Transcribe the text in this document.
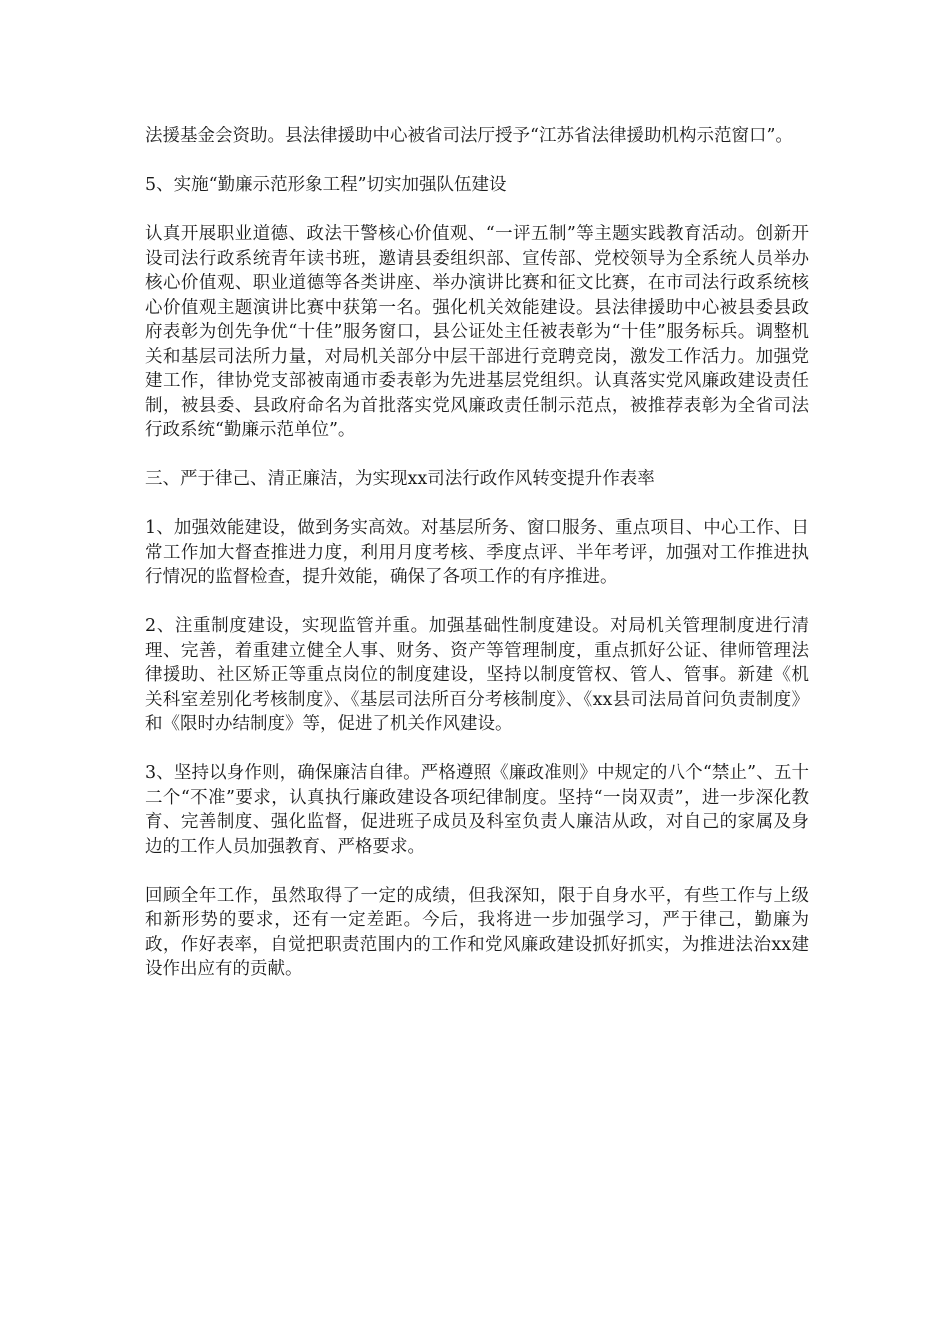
法援基金会资助。县法律援助中心被省司法厅授予“江苏省法律援助机构示范窗口”。

5、实施“勤廉示范形象工程”切实加强队伍建设

认真开展职业道德、政法干警核心价值观、“一评五制”等主题实践教育活动。创新开设司法行政系统青年读书班，邀请县委组织部、宣传部、党校领导为全系统人员举办核心价值观、职业道德等各类讲座、举办演讲比赛和征文比赛，在市司法行政系统核心价值观主题演讲比赛中获第一名。强化机关效能建设。县法律援助中心被县委县政府表彰为创先争优“十佳”服务窗口，县公证处主任被表彰为“十佳”服务标兵。调整机关和基层司法所力量，对局机关部分中层干部进行竞聘竞岗，激发工作活力。加强党建工作，律协党支部被南通市委表彰为先进基层党组织。认真落实党风廉政建设责任制，被县委、县政府命名为首批落实党风廉政责任制示范点，被推荐表彰为全省司法行政系统“勤廉示范单位”。

三、严于律己、清正廉洁，为实现xx司法行政作风转变提升作表率

1、加强效能建设，做到务实高效。对基层所务、窗口服务、重点项目、中心工作、日常工作加大督查推进力度，利用月度考核、季度点评、半年考评，加强对工作推进执行情况的监督检查，提升效能，确保了各项工作的有序推进。

2、注重制度建设，实现监管并重。加强基础性制度建设。对局机关管理制度进行清理、完善，着重建立健全人事、财务、资产等管理制度，重点抓好公证、律师管理法律援助、社区矫正等重点岗位的制度建设，坚持以制度管权、管人、管事。新建《机关科室差别化考核制度》、《基层司法所百分考核制度》、《xx县司法局首问负责制度》和《限时办结制度》等，促进了机关作风建设。

3、坚持以身作则，确保廉洁自律。严格遵照《廉政准则》中规定的八个“禁止”、五十二个“不准”要求，认真执行廉政建设各项纪律制度。坚持“一岗双责”，进一步深化教育、完善制度、强化监督，促进班子成员及科室负责人廉洁从政，对自己的家属及身边的工作人员加强教育、严格要求。

回顾全年工作，虽然取得了一定的成绩，但我深知，限于自身水平，有些工作与上级和新形势的要求，还有一定差距。今后，我将进一步加强学习，严于律己，勤廉为政，作好表率，自觉把职责范围内的工作和党风廉政建设抓好抓实，为推进法治xx建设作出应有的贡献。
